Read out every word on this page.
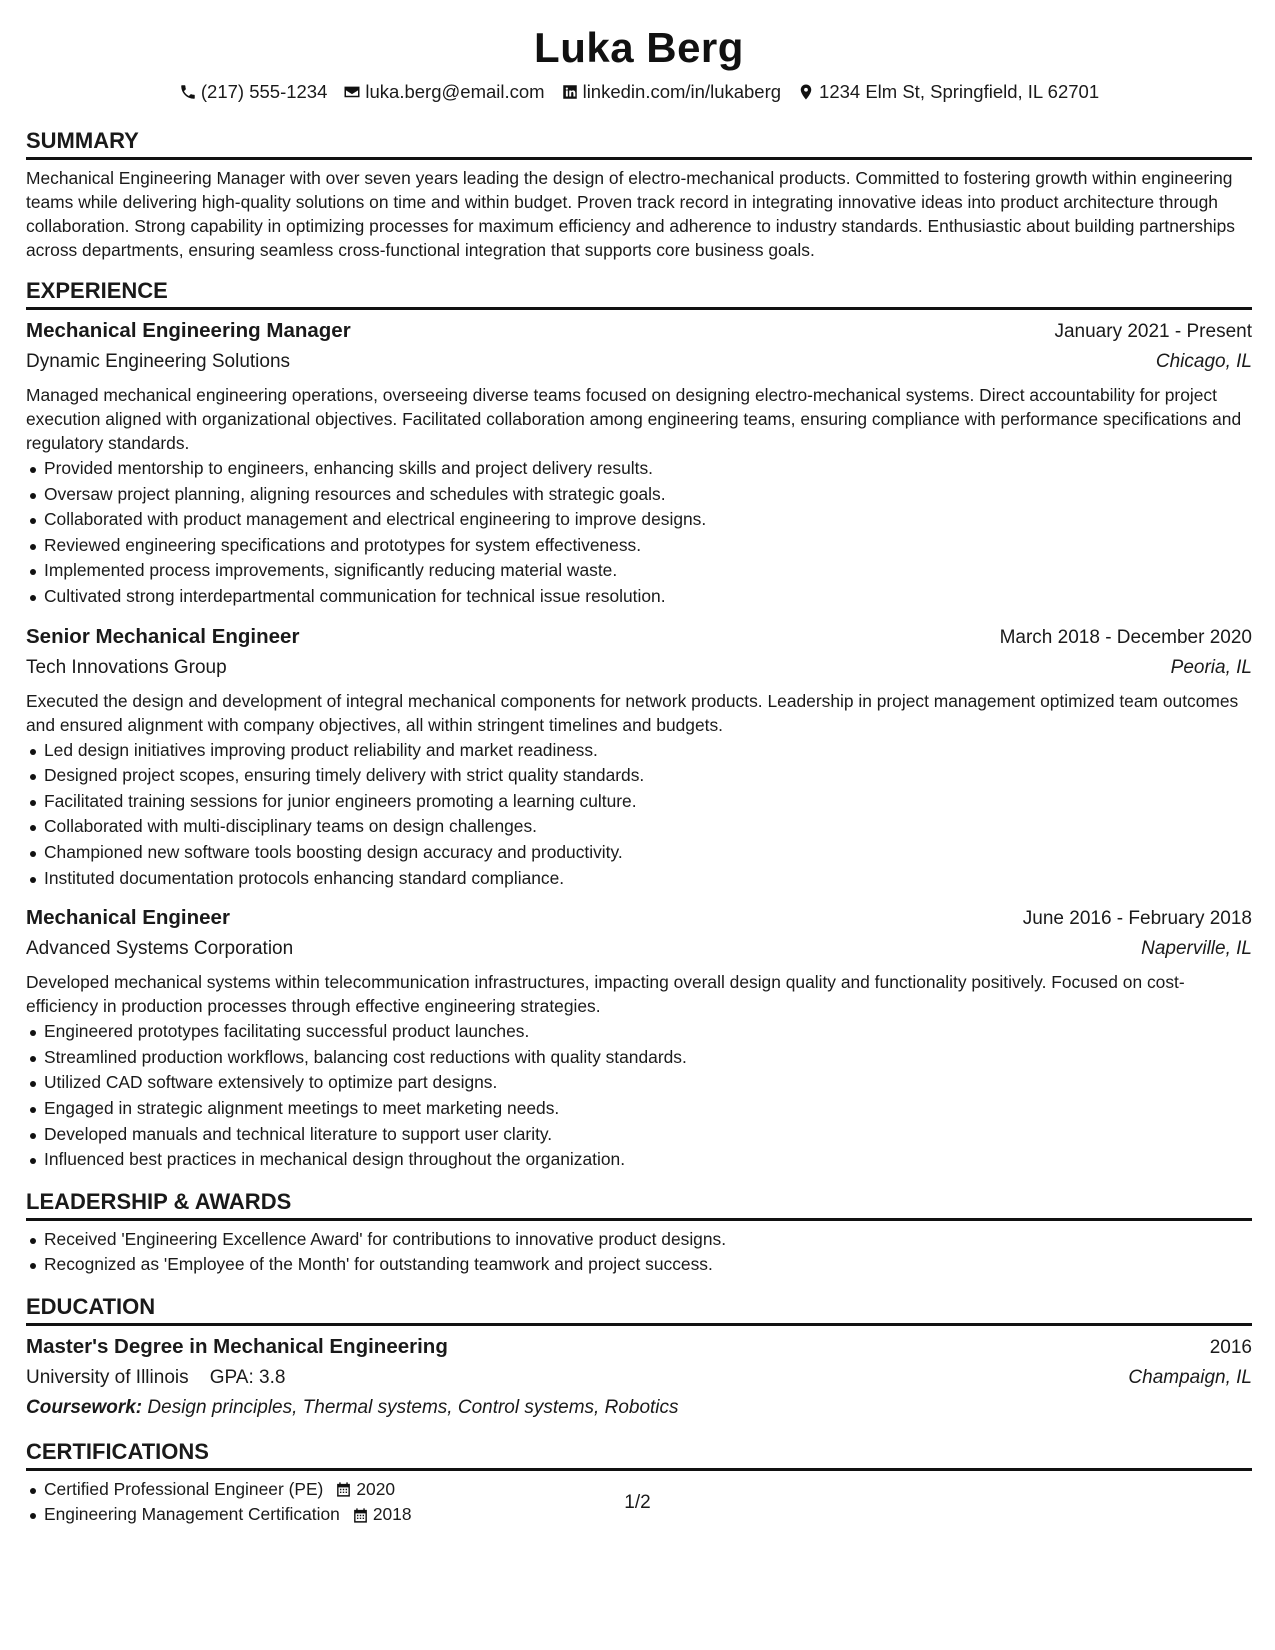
Luka Berg
(217) 555-1234 luka.berg@email.com linkedin.com/in/lukaberg 1234 Elm St, Springfield, IL 62701
SUMMARY
Mechanical Engineering Manager with over seven years leading the design of electro-mechanical products. Committed to fostering growth within engineering teams while delivering high-quality solutions on time and within budget. Proven track record in integrating innovative ideas into product architecture through collaboration. Strong capability in optimizing processes for maximum efficiency and adherence to industry standards. Enthusiastic about building partnerships across departments, ensuring seamless cross-functional integration that supports core business goals.
EXPERIENCE
Mechanical Engineering Manager	January 2021 - Present
Dynamic Engineering Solutions	Chicago, IL
Managed mechanical engineering operations, overseeing diverse teams focused on designing electro-mechanical systems. Direct accountability for project execution aligned with organizational objectives. Facilitated collaboration among engineering teams, ensuring compliance with performance specifications and regulatory standards.
Provided mentorship to engineers, enhancing skills and project delivery results.
Oversaw project planning, aligning resources and schedules with strategic goals.
Collaborated with product management and electrical engineering to improve designs.
Reviewed engineering specifications and prototypes for system effectiveness.
Implemented process improvements, significantly reducing material waste.
Cultivated strong interdepartmental communication for technical issue resolution.
Senior Mechanical Engineer	March 2018 - December 2020
Tech Innovations Group	Peoria, IL
Executed the design and development of integral mechanical components for network products. Leadership in project management optimized team outcomes and ensured alignment with company objectives, all within stringent timelines and budgets.
Led design initiatives improving product reliability and market readiness.
Designed project scopes, ensuring timely delivery with strict quality standards.
Facilitated training sessions for junior engineers promoting a learning culture.
Collaborated with multi-disciplinary teams on design challenges.
Championed new software tools boosting design accuracy and productivity.
Instituted documentation protocols enhancing standard compliance.
Mechanical Engineer	June 2016 - February 2018
Advanced Systems Corporation	Naperville, IL
Developed mechanical systems within telecommunication infrastructures, impacting overall design quality and functionality positively. Focused on cost-efficiency in production processes through effective engineering strategies.
Engineered prototypes facilitating successful product launches.
Streamlined production workflows, balancing cost reductions with quality standards.
Utilized CAD software extensively to optimize part designs.
Engaged in strategic alignment meetings to meet marketing needs.
Developed manuals and technical literature to support user clarity.
Influenced best practices in mechanical design throughout the organization.
LEADERSHIP & AWARDS
Received 'Engineering Excellence Award' for contributions to innovative product designs.
Recognized as 'Employee of the Month' for outstanding teamwork and project success.
EDUCATION
Master's Degree in Mechanical Engineering	2016
University of Illinois GPA: 3.8	Champaign, IL
Coursework: Design principles, Thermal systems, Control systems, Robotics
CERTIFICATIONS
Certified Professional Engineer (PE) 2020
Engineering Management Certification 2018
1/2
